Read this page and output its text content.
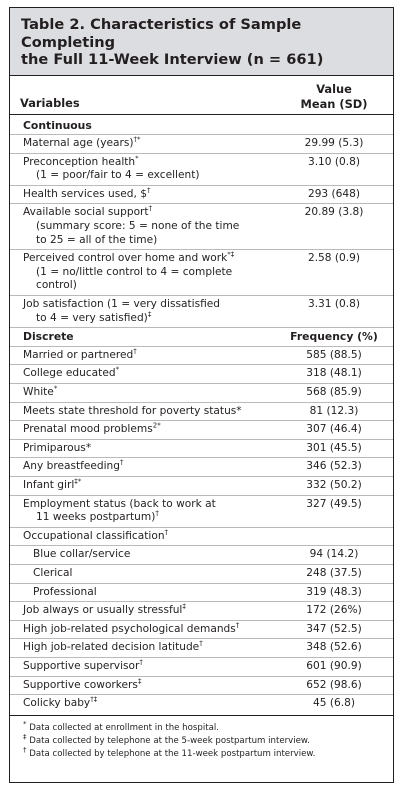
Table 2. Characteristics of Sample Completing
the Full 11-Week Interview (n = 661)

Variables
Value
Mean (SD)
Continuous
Maternal age (years)†*	29.99 (5.3)
Preconception health*
(1 = poor/fair to 4 = excellent)
3.10 (0.8)
Health services used, $†	293 (648)
Available social support†
(summary score: 5 = none of the time
to 25 = all of the time)
20.89 (3.8)
Perceived control over home and work*‡
(1 = no/little control to 4 = complete
control)
2.58 (0.9)
Job satisfaction (1 = very dissatisfied
to 4 = very satisfied)‡
3.31 (0.8)
Discrete	Frequency (%)
Married or partnered†	585 (88.5)
College educated*	318 (48.1)
White*	568 (85.9)
Meets state threshold for poverty status*	81 (12.3)
Prenatal mood problems$^{2*}$	307 (46.4)
Primiparous*	301 (45.5)
Any breastfeeding†	346 (52.3)
Infant girl‡*	332 (50.2)
Employment status (back to work at
11 weeks postpartum)†
327 (49.5)
Occupational classification†
Blue collar/service	94 (14.2)
Clerical	248 (37.5)
Professional	319 (48.3)
Job always or usually stressful‡	172 (26%)
High job-related psychological demands†	347 (52.5)
High job-related decision latitude†	348 (52.6)
Supportive supervisor†	601 (90.9)
Supportive coworkers‡	652 (98.6)
Colicky baby†‡	45 (6.8)
* Data collected at enrollment in the hospital.
‡ Data collected by telephone at the 5-week postpartum interview.
† Data collected by telephone at the 11-week postpartum interview.
